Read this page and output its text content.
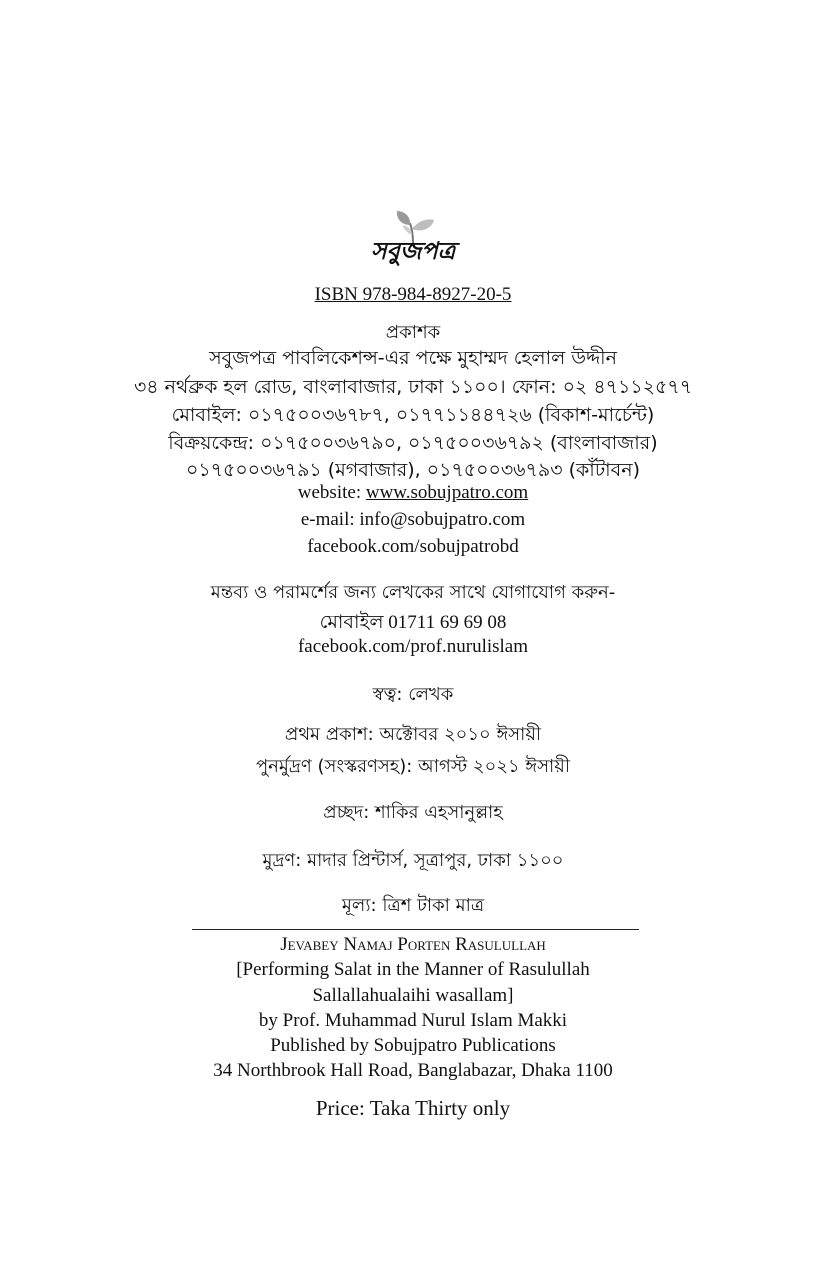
সবুজপত্র
ISBN 978-984-8927-20-5
প্রকাশক
সবুজপত্র পাবলিকেশন্স-এর পক্ষে মুহাম্মদ হেলাল উদ্দীন
৩৪ নর্থব্রুক হল রোড, বাংলাবাজার, ঢাকা ১১০০। ফোন: ০২ ৪৭১১২৫৭৭
মোবাইল: ০১৭৫০০৩৬৭৮৭, ০১৭৭১১৪৪৭২৬ (বিকাশ-মার্চেন্ট)
বিক্রয়কেন্দ্র: ০১৭৫০০৩৬৭৯০, ০১৭৫০০৩৬৭৯২ (বাংলাবাজার)
০১৭৫০০৩৬৭৯১ (মগবাজার), ০১৭৫০০৩৬৭৯৩ (কাঁটাবন)
website: www.sobujpatro.com
e-mail: info@sobujpatro.com
facebook.com/sobujpatrobd
মন্তব্য ও পরামর্শের জন্য লেখকের সাথে যোগাযোগ করুন-
মোবাইল 01711 69 69 08
facebook.com/prof.nurulislam
স্বত্ব: লেখক
প্রথম প্রকাশ: অক্টোবর ২০১০ ঈসায়ী
পুনর্মুদ্রণ (সংস্করণসহ): আগস্ট ২০২১ ঈসায়ী
প্রচ্ছদ: শাকির এহসানুল্লাহ
মুদ্রণ: মাদার প্রিন্টার্স, সূত্রাপুর, ঢাকা ১১০০
মূল্য: ত্রিশ টাকা মাত্র
Jevabey Namaj Porten Rasulullah
[Performing Salat in the Manner of Rasulullah
Sallallahualaihi wasallam]
by Prof. Muhammad Nurul Islam Makki
Published by Sobujpatro Publications
34 Northbrook Hall Road, Banglabazar, Dhaka 1100
Price: Taka Thirty only
